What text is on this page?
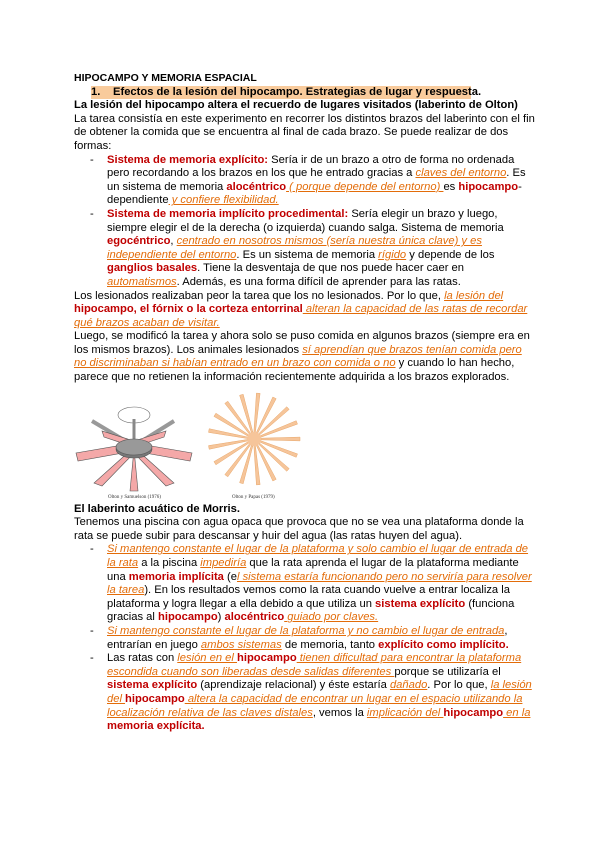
HIPOCAMPO Y MEMORIA ESPACIAL

1. Efectos de la lesión del hipocampo. Estrategias de lugar y respuesta.

La lesión del hipocampo altera el recuerdo de lugares visitados (laberinto de Olton)

La tarea consistía en este experimento en recorrer los distintos brazos del laberinto con el fin de obtener la comida que se encuentra al final de cada brazo. Se puede realizar de dos formas:

- Sistema de memoria explícito: Sería ir de un brazo a otro de forma no ordenada pero recordando a los brazos en los que he entrado gracias a claves del entorno. Es un sistema de memoria alocéntrico ( porque depende del entorno) es hipocampo-dependiente y confiere flexibilidad.
- Sistema de memoria implícito procedimental: Sería elegir un brazo y luego, siempre elegir el de la derecha (o izquierda) cuando salga. Sistema de memoria egocéntrico, centrado en nosotros mismos (sería nuestra única clave) y es independiente del entorno. Es un sistema de memoria rígido y depende de los ganglios basales. Tiene la desventaja de que nos puede hacer caer en automatismos. Además, es una forma difícil de aprender para las ratas.

Los lesionados realizaban peor la tarea que los no lesionados. Por lo que, la lesión del hipocampo, el fórnix o la corteza entorrinal alteran la capacidad de las ratas de recordar qué brazos acaban de visitar.

Luego, se modificó la tarea y ahora solo se puso comida en algunos brazos (siempre era en los mismos brazos). Los animales lesionados sí aprendían que brazos tenían comida pero no discriminaban si habían entrado en un brazo con comida o no y cuando lo han hecho, parece que no retienen la información recientemente adquirida a los brazos explorados.

Olton y Samuelson (1976)	Olton y Papas (1979)

El laberinto acuático de Morris.

Tenemos una piscina con agua opaca que provoca que no se vea una plataforma donde la rata se puede subir para descansar y huir del agua (las ratas huyen del agua).

- Si mantengo constante el lugar de la plataforma y solo cambio el lugar de entrada de la rata a la piscina impediría que la rata aprenda el lugar de la plataforma mediante una memoria implícita (el sistema estaría funcionando pero no serviría para resolver la tarea). En los resultados vemos como la rata cuando vuelve a entrar localiza la plataforma y logra llegar a ella debido a que utiliza un sistema explícito (funciona gracias al hipocampo) alocéntrico guiado por claves.
- Si mantengo constante el lugar de la plataforma y no cambio el lugar de entrada, entrarían en juego ambos sistemas de memoria, tanto explícito como implícito.
- Las ratas con lesión en el hipocampo tienen dificultad para encontrar la plataforma escondida cuando son liberadas desde salidas diferentes porque se utilizaría el sistema explícito (aprendizaje relacional) y éste estaría dañado. Por lo que, la lesión del hipocampo altera la capacidad de encontrar un lugar en el espacio utilizando la localización relativa de las claves distales, vemos la implicación del hipocampo en la memoria explícita.
